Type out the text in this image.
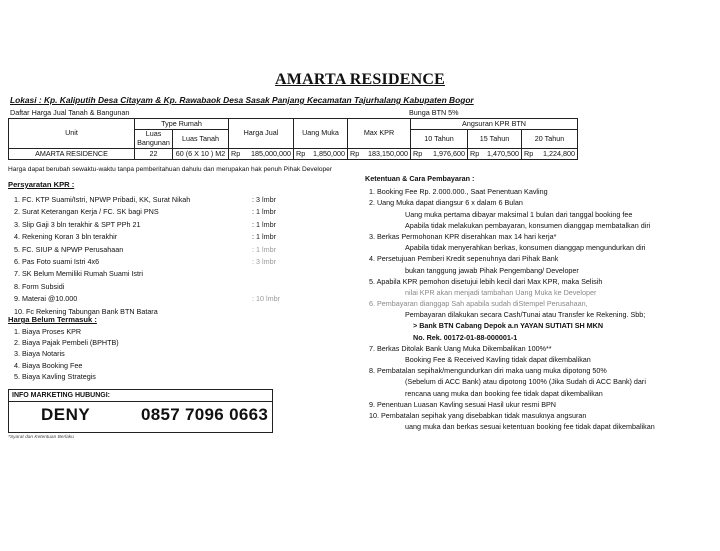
AMARTA RESIDENCE
Lokasi : Kp. Kaliputih Desa Citayam & Kp. Rawabaok Desa Sasak Panjang Kecamatan Tajurhalang Kabupaten Bogor
Daftar Harga Jual Tanah & Bangunan	Bunga BTN 5%
Unit	Type Rumah		Harga Jual	Uang Muka	Max KPR	Angsuran KPR BTN		
	Luas Bangunan	Luas Tanah				10 Tahun	15 Tahun	20 Tahun

AMARTA RESIDENCE	22	60 (6 X 10 ) M2	Rp 185,000,000	Rp 1,850,000	Rp 183,150,000	Rp 1,976,600	Rp 1,470,500	Rp 1,224,800
Harga dapat berubah sewaktu-waktu tanpa pemberitahuan dahulu dan merupakan hak penuh Pihak Developer
Persyaratan KPR :
1. FC. KTP Suami/Istri, NPWP Pribadi, KK, Surat Nikah	: 3 lmbr
2. Surat Keterangan Kerja / FC. SK bagi PNS	: 1 lmbr
3. Slip Gaji 3 bln terakhir & SPT PPh 21	: 1 lmbr
4. Rekening Koran 3 bln terakhir	: 1 lmbr
5. FC. SIUP & NPWP Perusahaan	: 1 lmbr
6. Pas Foto suami Istri 4x6	: 3 lmbr
7. SK Belum Memiliki Rumah Suami Istri
8. Form Subsidi
9. Materai @10.000	: 10 lmbr
10. Fc Rekening Tabungan Bank BTN Batara
Harga Belum Termasuk :
1. Biaya Proses KPR
2. Biaya Pajak Pembeli (BPHTB)
3. Biaya Notaris
4. Biaya Booking Fee
5. Biaya Kavling Strategis
INFO MARKETING HUBUNGI:
DENY	0857 7096 0663
*Syarat dan Ketentuan Berlaku
Ketentuan & Cara Pembayaran :
1. Booking Fee Rp. 2.000.000., Saat Penentuan Kavling
2. Uang Muka dapat diangsur 6 x dalam 6 Bulan
Uang muka pertama dibayar maksimal 1 bulan dari tanggal booking fee
Apabila tidak melakukan pembayaran, konsumen dianggap membatalkan diri
3. Berkas Permohonan KPR diserahkan max 14 hari kerja*
Apabila tidak menyerahkan berkas, konsumen dianggap mengundurkan diri
4. Persetujuan Pemberi Kredit sepenuhnya dari Pihak Bank
bukan tanggung jawab Pihak Pengembang/ Developer
5. Apabila KPR pemohon disetujui lebih kecil dari Max KPR, maka Selisih
nilai KPR akan menjadi tambahan Uang Muka ke Developer
6. Pembayaran dianggap Sah apabila sudah diStempel Perusahaan,
Pembayaran dilakukan secara Cash/Tunai atau Transfer ke Rekening. Sbb;
> Bank BTN Cabang Depok a.n YAYAN SUTIATI SH MKN
No. Rek. 00172-01-88-000001-1
7. Berkas Ditolak Bank Uang Muka Dikembalikan 100%**
Booking Fee & Received Kavling tidak dapat dikembalikan
8. Pembatalan sepihak/mengundurkan diri maka uang muka dipotong 50%
(Sebelum di ACC Bank) atau dipotong 100% (Jika Sudah di ACC Bank) dari
rencana uang muka dan booking fee tidak dapat dikembalikan
9. Penentuan Luasan Kavling sesuai Hasil ukur resmi BPN
10. Pembatalan sepihak yang disebabkan tidak masuknya angsuran
uang muka dan berkas sesuai ketentuan booking fee tidak dapat dikembalikan
